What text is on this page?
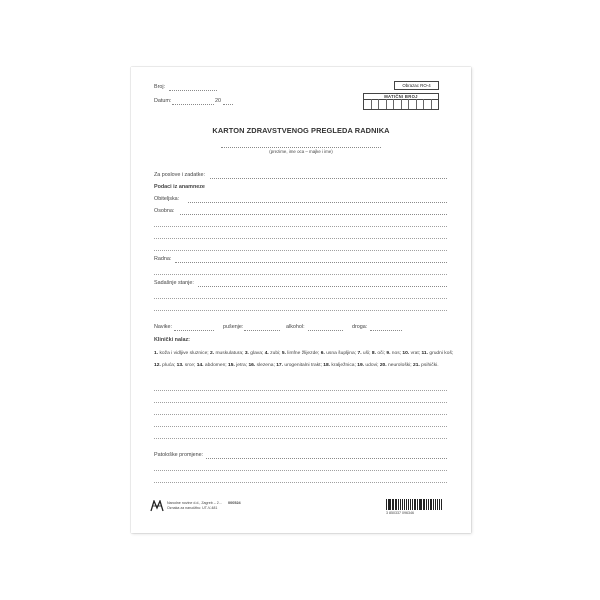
Broj:
Datum:	20
Obrazac RO-4
MATIČNI BROJ
KARTON ZDRAVSTVENOG PREGLEDA RADNIKA
(prezime, ime oca – majke i ime)
Za poslove i zadatke:
Podaci iz anamneze
Obiteljska:
Osobna:
Radna:
Sadašnje stanje:
Navike:	pušenje:	alkohol:	droga:
Klinički nalaz:
1. koža i vidljive sluznice; 2. muskulatura; 3. glava; 4. zubi; 5. limfne žlijezde; 6. usna šupljina; 7. uši; 8. oči; 9. nos; 10. vrat; 11. grudni koš; 12. pluća; 13. srce; 14. abdomen; 15. jetra; 16. slezena; 17. urogenitalni trakt; 18. kralježnica; 19. udovi; 20. neurološki; 21. psihički.
Patološke promjene:
Narodne novine d.d., Zagreb – 2...
Oznaka za narudžbu: UT-V-481
000524
3 850337 096346
